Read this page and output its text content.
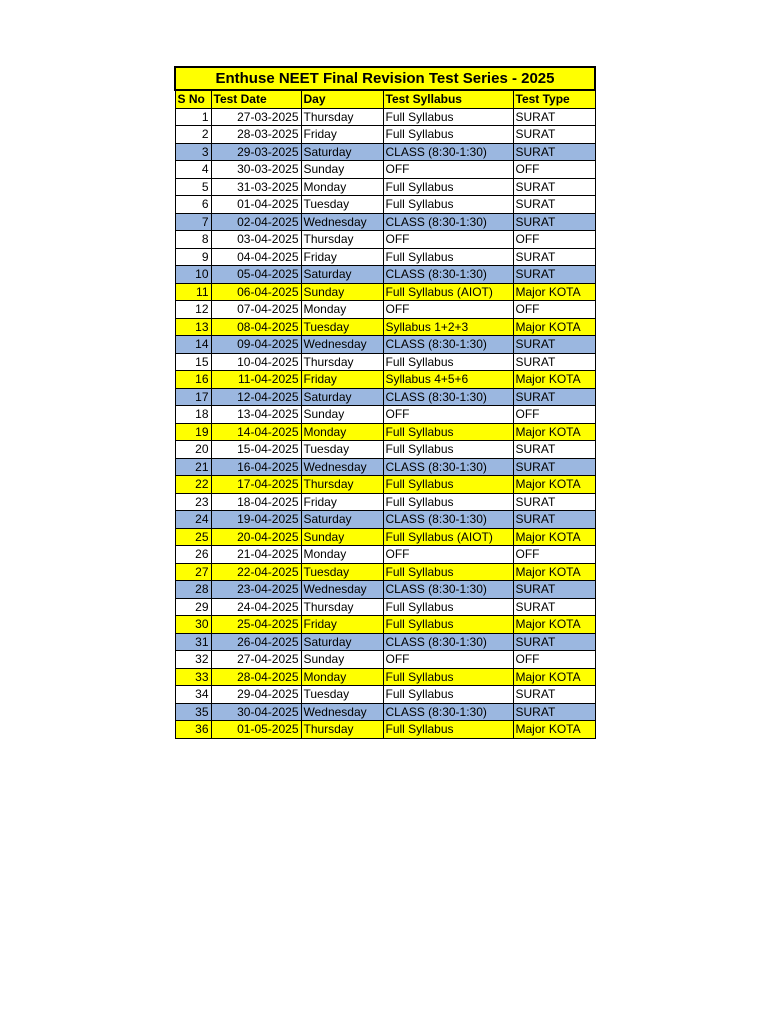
Enthuse NEET Final Revision Test Series - 2025				
S No	Test Date	Day	Test Syllabus	Test Type
1	27-03-2025	Thursday	Full Syllabus	SURAT
2	28-03-2025	Friday	Full Syllabus	SURAT
3	29-03-2025	Saturday	CLASS (8:30-1:30)	SURAT
4	30-03-2025	Sunday	OFF	OFF
5	31-03-2025	Monday	Full Syllabus	SURAT
6	01-04-2025	Tuesday	Full Syllabus	SURAT
7	02-04-2025	Wednesday	CLASS (8:30-1:30)	SURAT
8	03-04-2025	Thursday	OFF	OFF
9	04-04-2025	Friday	Full Syllabus	SURAT
10	05-04-2025	Saturday	CLASS (8:30-1:30)	SURAT
11	06-04-2025	Sunday	Full Syllabus (AIOT)	Major KOTA
12	07-04-2025	Monday	OFF	OFF
13	08-04-2025	Tuesday	Syllabus 1+2+3	Major KOTA
14	09-04-2025	Wednesday	CLASS (8:30-1:30)	SURAT
15	10-04-2025	Thursday	Full Syllabus	SURAT
16	11-04-2025	Friday	Syllabus 4+5+6	Major KOTA
17	12-04-2025	Saturday	CLASS (8:30-1:30)	SURAT
18	13-04-2025	Sunday	OFF	OFF
19	14-04-2025	Monday	Full Syllabus	Major KOTA
20	15-04-2025	Tuesday	Full Syllabus	SURAT
21	16-04-2025	Wednesday	CLASS (8:30-1:30)	SURAT
22	17-04-2025	Thursday	Full Syllabus	Major KOTA
23	18-04-2025	Friday	Full Syllabus	SURAT
24	19-04-2025	Saturday	CLASS (8:30-1:30)	SURAT
25	20-04-2025	Sunday	Full Syllabus (AIOT)	Major KOTA
26	21-04-2025	Monday	OFF	OFF
27	22-04-2025	Tuesday	Full Syllabus	Major KOTA
28	23-04-2025	Wednesday	CLASS (8:30-1:30)	SURAT
29	24-04-2025	Thursday	Full Syllabus	SURAT
30	25-04-2025	Friday	Full Syllabus	Major KOTA
31	26-04-2025	Saturday	CLASS (8:30-1:30)	SURAT
32	27-04-2025	Sunday	OFF	OFF
33	28-04-2025	Monday	Full Syllabus	Major KOTA
34	29-04-2025	Tuesday	Full Syllabus	SURAT
35	30-04-2025	Wednesday	CLASS (8:30-1:30)	SURAT
36	01-05-2025	Thursday	Full Syllabus	Major KOTA
